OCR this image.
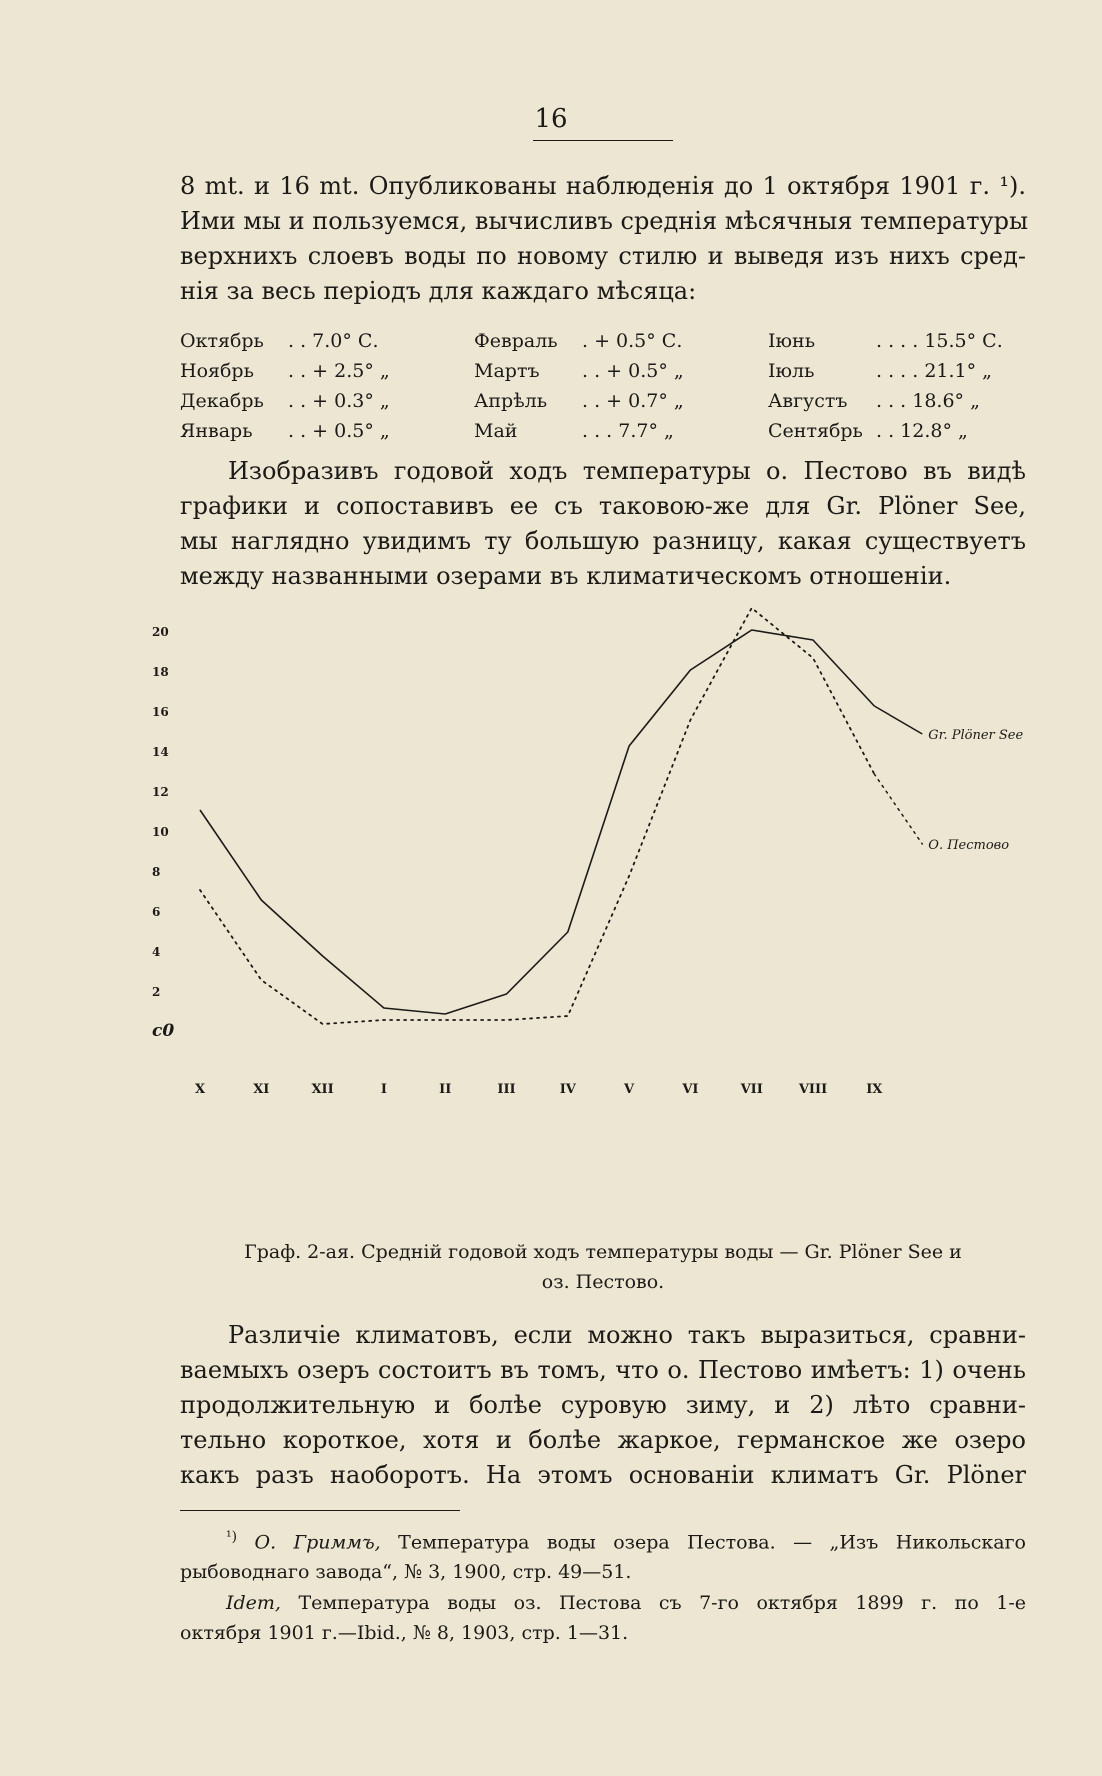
16
8 mt. и 16 mt. Опубликованы наблюденія до 1 октября 1901 г. ¹).
Ими мы и пользуемся, вычисливъ среднія мѣсячныя температуры
верхнихъ слоевъ воды по новому стилю и выведя изъ нихъ сред-
нія за весь періодъ для каждаго мѣсяца:
Октябрь	. . 7.0° С.	Февраль	. + 0.5° С.	Іюнь	. . . . 15.5° С.
Ноябрь	. . + 2.5° „	Мартъ	. . + 0.5° „	Іюль	. . . . 21.1° „
Декабрь	. . + 0.3° „	Апрѣль	. . + 0.7° „	Августъ	. . . 18.6° „
Январь	. . + 0.5° „	Май	. . . 7.7° „	Сентябрь	. . 12.8° „
Изобразивъ годовой ходъ температуры о. Пестово въ видѣ
графики и сопоставивъ ее съ таковою-же для Gr. Plöner See,
мы наглядно увидимъ ту большую разницу, какая существуетъ
между названными озерами въ климатическомъ отношеніи.
20
18
16
14
12
10
8
6
4
2
c0
X	XI	XII	I	II	III	IV	V	VI	VII	VIII	IX
Gr. Plöner See
О. Пестово
Граф. 2-ая. Среднiй годовой ходъ температуры воды — Gr. Plöner See и
оз. Пестово.
Различіе климатовъ, если можно такъ выразиться, сравни-
ваемыхъ озеръ состоитъ въ томъ, что о. Пестово имѣетъ: 1) очень
продолжительную и болѣе суровую зиму, и 2) лѣто сравни-
тельно короткое, хотя и болѣе жаркое, германское же озеро
какъ разъ наоборотъ. На этомъ основаніи климатъ Gr. Plöner
$^{^1)}$ О. Гриммъ, Температура воды озера Пестова. — „Изъ Никольскаго
рыбоводнаго завода“, № 3, 1900, стр. 49—51.
Idem, Температура воды оз. Пестова съ 7-го октября 1899 г. по 1-е
октября 1901 г.—Ibid., № 8, 1903, стр. 1—31.
